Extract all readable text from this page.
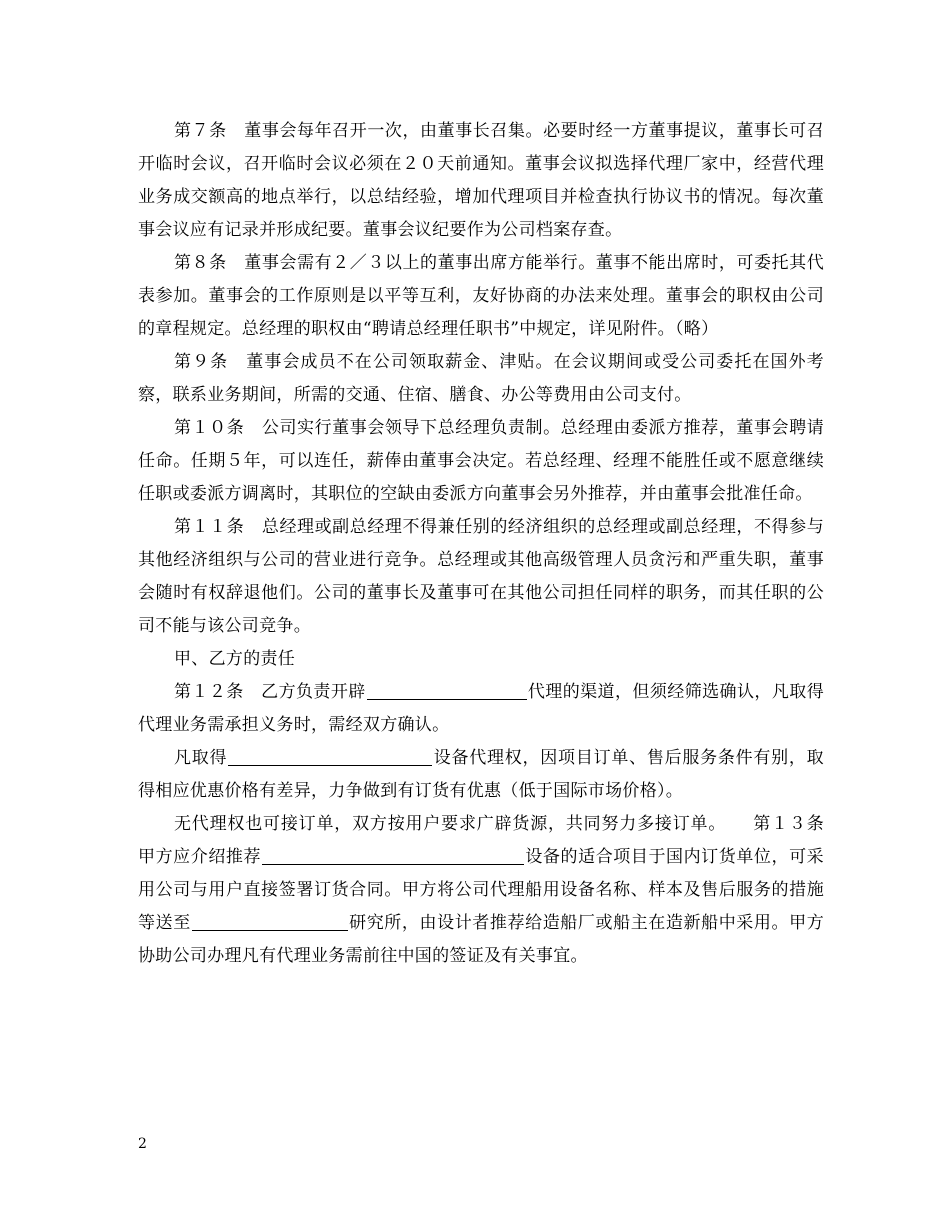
第７条　董事会每年召开一次，由董事长召集。必要时经一方董事提议，董事长可召开临时会议，召开临时会议必须在２０天前通知。董事会议拟选择代理厂家中，经营代理业务成交额高的地点举行，以总结经验，增加代理项目并检查执行协议书的情况。每次董事会议应有记录并形成纪要。董事会议纪要作为公司档案存查。

第８条　董事会需有２／３以上的董事出席方能举行。董事不能出席时，可委托其代表参加。董事会的工作原则是以平等互利，友好协商的办法来处理。董事会的职权由公司的章程规定。总经理的职权由“聘请总经理任职书”中规定，详见附件。（略）

第９条　董事会成员不在公司领取薪金、津贴。在会议期间或受公司委托在国外考察，联系业务期间，所需的交通、住宿、膳食、办公等费用由公司支付。

第１０条　公司实行董事会领导下总经理负责制。总经理由委派方推荐，董事会聘请任命。任期５年，可以连任，薪俸由董事会决定。若总经理、经理不能胜任或不愿意继续任职或委派方调离时，其职位的空缺由委派方向董事会另外推荐，并由董事会批准任命。

第１１条　总经理或副总经理不得兼任别的经济组织的总经理或副总经理，不得参与其他经济组织与公司的营业进行竞争。总经理或其他高级管理人员贪污和严重失职，董事会随时有权辞退他们。公司的董事长及董事可在其他公司担任同样的职务，而其任职的公司不能与该公司竞争。

甲、乙方的责任

第１２条　乙方负责开辟	代理的渠道，但须经筛选确认，凡取得代理业务需承担义务时，需经双方确认。

凡取得	设备代理权，因项目订单、售后服务条件有别，取得相应优惠价格有差异，力争做到有订货有优惠（低于国际市场价格）。

无代理权也可接订单，双方按用户要求广辟货源，共同努力多接订单。　　第１３条　甲方应介绍推荐	设备的适合项目于国内订货单位，可采用公司与用户直接签署订货合同。甲方将公司代理船用设备名称、样本及售后服务的措施等送至	研究所，由设计者推荐给造船厂或船主在造新船中采用。甲方协助公司办理凡有代理业务需前往中国的签证及有关事宜。

2
